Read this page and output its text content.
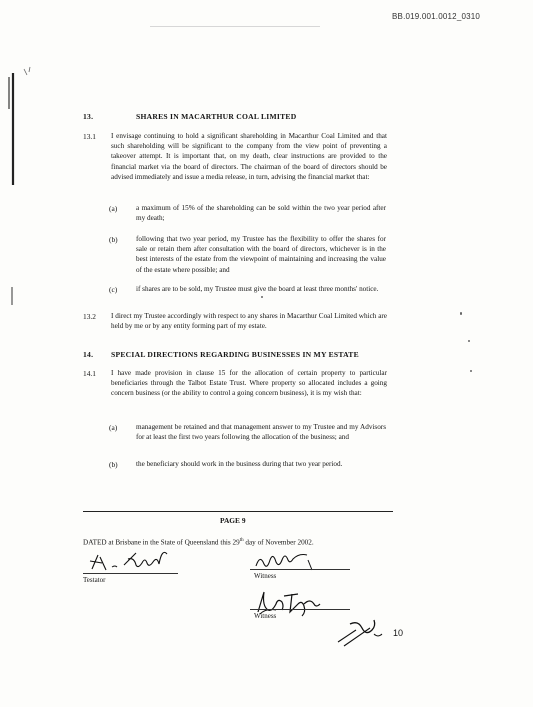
BB.019.001.0012_0310
13.	SHARES IN MACARTHUR COAL LIMITED
13.1 I envisage continuing to hold a significant shareholding in Macarthur Coal Limited and that such shareholding will be significant to the company from the view point of preventing a takeover attempt. It is important that, on my death, clear instructions are provided to the financial market via the board of directors. The chairman of the board of directors should be advised immediately and issue a media release, in turn, advising the financial market that:
(a)	a maximum of 15% of the shareholding can be sold within the two year period after my death;
(b)	following that two year period, my Trustee has the flexibility to offer the shares for sale or retain them after consultation with the board of directors, whichever is in the best interests of the estate from the viewpoint of maintaining and increasing the value of the estate where possible; and
(c)	if shares are to be sold, my Trustee must give the board at least three months' notice.
13.2 I direct my Trustee accordingly with respect to any shares in Macarthur Coal Limited which are held by me or by any entity forming part of my estate.
14. SPECIAL DIRECTIONS REGARDING BUSINESSES IN MY ESTATE
14.1 I have made provision in clause 15 for the allocation of certain property to particular beneficiaries through the Talbot Estate Trust. Where property so allocated includes a going concern business (or the ability to control a going concern business), it is my wish that:
(a)	management be retained and that management answer to my Trustee and my Advisors for at least the first two years following the allocation of the business; and
(b)	the beneficiary should work in the business during that two year period.
PAGE 9
DATED at Brisbane in the State of Queensland this 29th day of November 2002.
Testator	Witness
Witness
10
